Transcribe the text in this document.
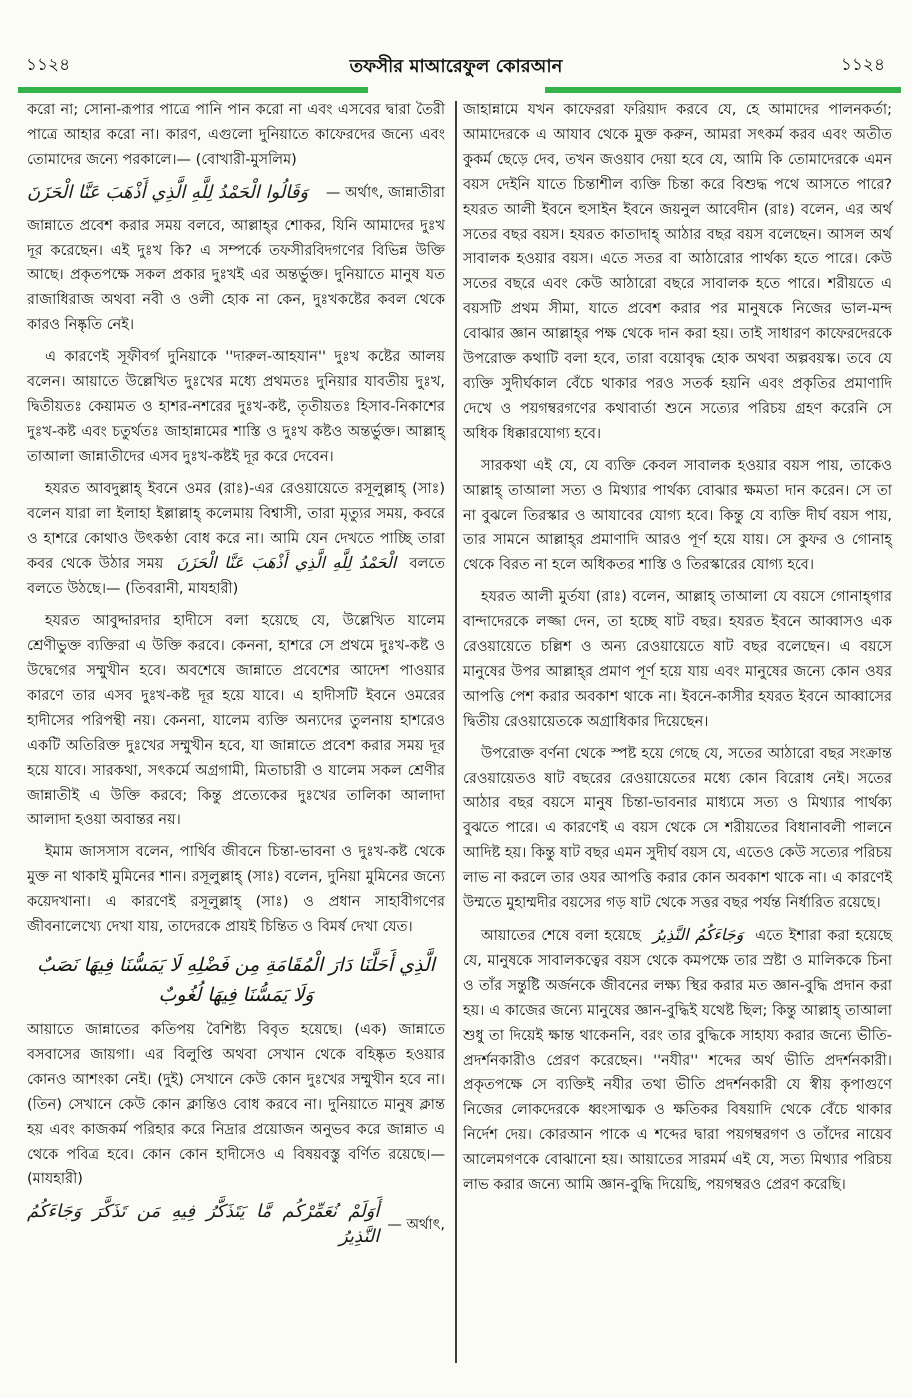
১১২৪	তফসীর মাআরেফুল কোরআন	১১২৪

করো না; সোনা-রূপার পাত্রে পানি পান করো না এবং এসবের দ্বারা তৈরী পাত্রে আহার করো না। কারণ, এগুলো দুনিয়াতে কাফেরদের জন্যে এবং তোমাদের জন্যে পরকালে।— (বোখারী-মুসলিম)

وَقَالُوا الْحَمْدُ لِلَّهِ الَّذِي أَذْهَبَ عَنَّا الْحَزَنَ	— অর্থাৎ, জান্নাতীরা

জান্নাতে প্রবেশ করার সময় বলবে, আল্লাহ্‌র শোকর, যিনি আমাদের দুঃখ দূর করেছেন। এই দুঃখ কি? এ সম্পর্কে তফসীরবিদগণের বিভিন্ন উক্তি আছে। প্রকৃতপক্ষে সকল প্রকার দুঃখই এর অন্তর্ভুক্ত। দুনিয়াতে মানুষ যত রাজাধিরাজ অথবা নবী ও ওলী হোক না কেন, দুঃখকষ্টের কবল থেকে কারও নিষ্কৃতি নেই।

এ কারণেই সূফীবর্গ দুনিয়াকে ''দারুল-আহযান'' দুঃখ কষ্টের আলয় বলেন। আয়াতে উল্লেখিত দুঃখের মধ্যে প্রথমতঃ দুনিয়ার যাবতীয় দুঃখ, দ্বিতীয়তঃ কেয়ামত ও হাশর-নশরের দুঃখ-কষ্ট, তৃতীয়তঃ হিসাব-নিকাশের দুঃখ-কষ্ট এবং চতুর্থতঃ জাহান্নামের শাস্তি ও দুঃখ কষ্টও অন্তর্ভুক্ত। আল্লাহ্ তাআলা জান্নাতীদের এসব দুঃখ-কষ্টই দূর করে দেবেন।

হযরত আবদুল্লাহ্ ইবনে ওমর (রাঃ)-এর রেওয়ায়েতে রসূলুল্লাহ্ (সাঃ) বলেন যারা লা ইলাহা ইল্লাল্লাহ্ কলেমায় বিশ্বাসী, তারা মৃত্যুর সময়, কবরে ও হাশরে কোথাও উৎকণ্ঠা বোধ করে না। আমি যেন দেখতে পাচ্ছি তারা কবর থেকে উঠার সময় الْحَمْدُ لِلَّهِ الَّذِي أَذْهَبَ عَنَّا الْحَزَنَ বলতে বলতে উঠছে।— (তিবরানী, মাযহারী)

হযরত আবুদ্দারদার হাদীসে বলা হয়েছে যে, উল্লেখিত যালেম শ্রেণীভুক্ত ব্যক্তিরা এ উক্তি করবে। কেননা, হাশরে সে প্রথমে দুঃখ-কষ্ট ও উদ্বেগের সম্মুখীন হবে। অবশেষে জান্নাতে প্রবেশের আদেশ পাওয়ার কারণে তার এসব দুঃখ-কষ্ট দূর হয়ে যাবে। এ হাদীসটি ইবনে ওমরের হাদীসের পরিপন্থী নয়। কেননা, যালেম ব্যক্তি অন্যদের তুলনায় হাশরেও একটি অতিরিক্ত দুঃখের সম্মুখীন হবে, যা জান্নাতে প্রবেশ করার সময় দূর হয়ে যাবে। সারকথা, সৎকর্মে অগ্রগামী, মিতাচারী ও যালেম সকল শ্রেণীর জান্নাতীই এ উক্তি করবে; কিন্তু প্রত্যেকের দুঃখের তালিকা আলাদা আলাদা হওয়া অবান্তর নয়।

ইমাম জাসসাস বলেন, পার্থিব জীবনে চিন্তা-ভাবনা ও দুঃখ-কষ্ট থেকে মুক্ত না থাকাই মুমিনের শান। রসূলুল্লাহ্ (সাঃ) বলেন, দুনিয়া মুমিনের জন্যে কয়েদখানা। এ কারণেই রসূলুল্লাহ্ (সাঃ) ও প্রধান সাহাবীগণের জীবনালেখ্যে দেখা যায়, তাদেরকে প্রায়ই চিন্তিত ও বিমর্ষ দেখা যেত।

الَّذِي أَحَلَّنَا دَارَ الْمُقَامَةِ مِن فَضْلِهِ لَا يَمَسُّنَا فِيهَا نَصَبٌ
وَلَا يَمَسُّنَا فِيهَا لُغُوبٌ

আয়াতে জান্নাতের কতিপয় বৈশিষ্ট্য বিবৃত হয়েছে। (এক) জান্নাতে বসবাসের জায়গা। এর বিলুপ্তি অথবা সেখান থেকে বহিষ্কৃত হওয়ার কোনও আশংকা নেই। (দুই) সেখানে কেউ কোন দুঃখের সম্মুখীন হবে না। (তিন) সেখানে কেউ কোন ক্লান্তিও বোধ করবে না। দুনিয়াতে মানুষ ক্লান্ত হয় এবং কাজকর্ম পরিহার করে নিদ্রার প্রয়োজন অনুভব করে জান্নাত এ থেকে পবিত্র হবে। কোন কোন হাদীসেও এ বিষয়বস্তু বর্ণিত রয়েছে।— (মাযহারী)

أَوَلَمْ نُعَمِّرْكُم مَّا يَتَذَكَّرُ فِيهِ مَن تَذَكَّرَ وَجَاءَكُمُ النَّذِيرُ
— অর্থাৎ,

জাহান্নামে যখন কাফেররা ফরিয়াদ করবে যে, হে আমাদের পালনকর্তা; আমাদেরকে এ আযাব থেকে মুক্ত করুন, আমরা সৎকর্ম করব এবং অতীত কুকর্ম ছেড়ে দেব, তখন জওয়াব দেয়া হবে যে, আমি কি তোমাদেরকে এমন বয়স দেইনি যাতে চিন্তাশীল ব্যক্তি চিন্তা করে বিশুদ্ধ পথে আসতে পারে? হযরত আলী ইবনে হুসাইন ইবনে জয়নুল আবেদীন (রাঃ) বলেন, এর অর্থ সতের বছর বয়স। হযরত কাতাদাহ্ আঠার বছর বয়স বলেছেন। আসল অর্থ সাবালক হওয়ার বয়স। এতে সতর বা আঠারোর পার্থক্য হতে পারে। কেউ সতের বছরে এবং কেউ আঠারো বছরে সাবালক হতে পারে। শরীয়তে এ বয়সটি প্রথম সীমা, যাতে প্রবেশ করার পর মানুষকে নিজের ভাল-মন্দ বোঝার জ্ঞান আল্লাহ্‌র পক্ষ থেকে দান করা হয়। তাই সাধারণ কাফেরদেরকে উপরোক্ত কথাটি বলা হবে, তারা বয়োবৃদ্ধ হোক অথবা অল্পবয়স্ক। তবে যে ব্যক্তি সুদীর্ঘকাল বেঁচে থাকার পরও সতর্ক হয়নি এবং প্রকৃতির প্রমাণাদি দেখে ও পয়গম্বরগণের কথাবার্তা শুনে সত্যের পরিচয় গ্রহণ করেনি সে অধিক ধিক্কারযোগ্য হবে।

সারকথা এই যে, যে ব্যক্তি কেবল সাবালক হওয়ার বয়স পায়, তাকেও আল্লাহ্ তাআলা সত্য ও মিথ্যার পার্থক্য বোঝার ক্ষমতা দান করেন। সে তা না বুঝলে তিরস্কার ও আযাবের যোগ্য হবে। কিন্তু যে ব্যক্তি দীর্ঘ বয়স পায়, তার সামনে আল্লাহ্‌র প্রমাণাদি আরও পূর্ণ হয়ে যায়। সে কুফর ও গোনাহ্ থেকে বিরত না হলে অধিকতর শাস্তি ও তিরস্কারের যোগ্য হবে।

হযরত আলী মুর্তযা (রাঃ) বলেন, আল্লাহ্ তাআলা যে বয়সে গোনাহ্‌গার বান্দাদেরকে লজ্জা দেন, তা হচ্ছে ষাট বছর। হযরত ইবনে আব্বাসও এক রেওয়ায়েতে চল্লিশ ও অন্য রেওয়ায়েতে ষাট বছর বলেছেন। এ বয়সে মানুষের উপর আল্লাহ্‌র প্রমাণ পূর্ণ হয়ে যায় এবং মানুষের জন্যে কোন ওযর আপত্তি পেশ করার অবকাশ থাকে না। ইবনে-কাসীর হযরত ইবনে আব্বাসের দ্বিতীয় রেওয়ায়েতকে অগ্রাধিকার দিয়েছেন।

উপরোক্ত বর্ণনা থেকে স্পষ্ট হয়ে গেছে যে, সতের আঠারো বছর সংক্রান্ত রেওয়ায়েতও ষাট বছরের রেওয়ায়েতের মধ্যে কোন বিরোধ নেই। সতের আঠার বছর বয়সে মানুষ চিন্তা-ভাবনার মাধ্যমে সত্য ও মিথ্যার পার্থক্য বুঝতে পারে। এ কারণেই এ বয়স থেকে সে শরীয়তের বিধানাবলী পালনে আদিষ্ট হয়। কিন্তু ষাট বছর এমন সুদীর্ঘ বয়স যে, এতেও কেউ সত্যের পরিচয় লাভ না করলে তার ওযর আপত্তি করার কোন অবকাশ থাকে না। এ কারণেই উম্মতে মুহাম্মদীর বয়সের গড় ষাট থেকে সত্তর বছর পর্যন্ত নির্ধারিত রয়েছে।

আয়াতের শেষে বলা হয়েছে وَجَاءَكُمُ النَّذِيرُ এতে ইশারা করা হয়েছে যে, মানুষকে সাবালকত্বের বয়স থেকে কমপক্ষে তার স্রষ্টা ও মালিককে চিনা ও তাঁর সন্তুষ্টি অর্জনকে জীবনের লক্ষ্য স্থির করার মত জ্ঞান-বুদ্ধি প্রদান করা হয়। এ কাজের জন্যে মানুষের জ্ঞান-বুদ্ধিই যথেষ্ট ছিল; কিন্তু আল্লাহ্ তাআলা শুধু তা দিয়েই ক্ষান্ত থাকেননি, বরং তার বুদ্ধিকে সাহায্য করার জন্যে ভীতি-প্রদর্শনকারীও প্রেরণ করেছেন। ''নযীর'' শব্দের অর্থ ভীতি প্রদর্শনকারী। প্রকৃতপক্ষে সে ব্যক্তিই নযীর তথা ভীতি প্রদর্শনকারী যে স্বীয় কৃপাগুণে নিজের লোকদেরকে ধ্বংসাত্মক ও ক্ষতিকর বিষয়াদি থেকে বেঁচে থাকার নির্দেশ দেয়। কোরআন পাকে এ শব্দের দ্বারা পয়গম্বরগণ ও তাঁদের নায়েব আলেমগণকে বোঝানো হয়। আয়াতের সারমর্ম এই যে, সত্য মিথ্যার পরিচয় লাভ করার জন্যে আমি জ্ঞান-বুদ্ধি দিয়েছি, পয়গম্বরও প্রেরণ করেছি।
